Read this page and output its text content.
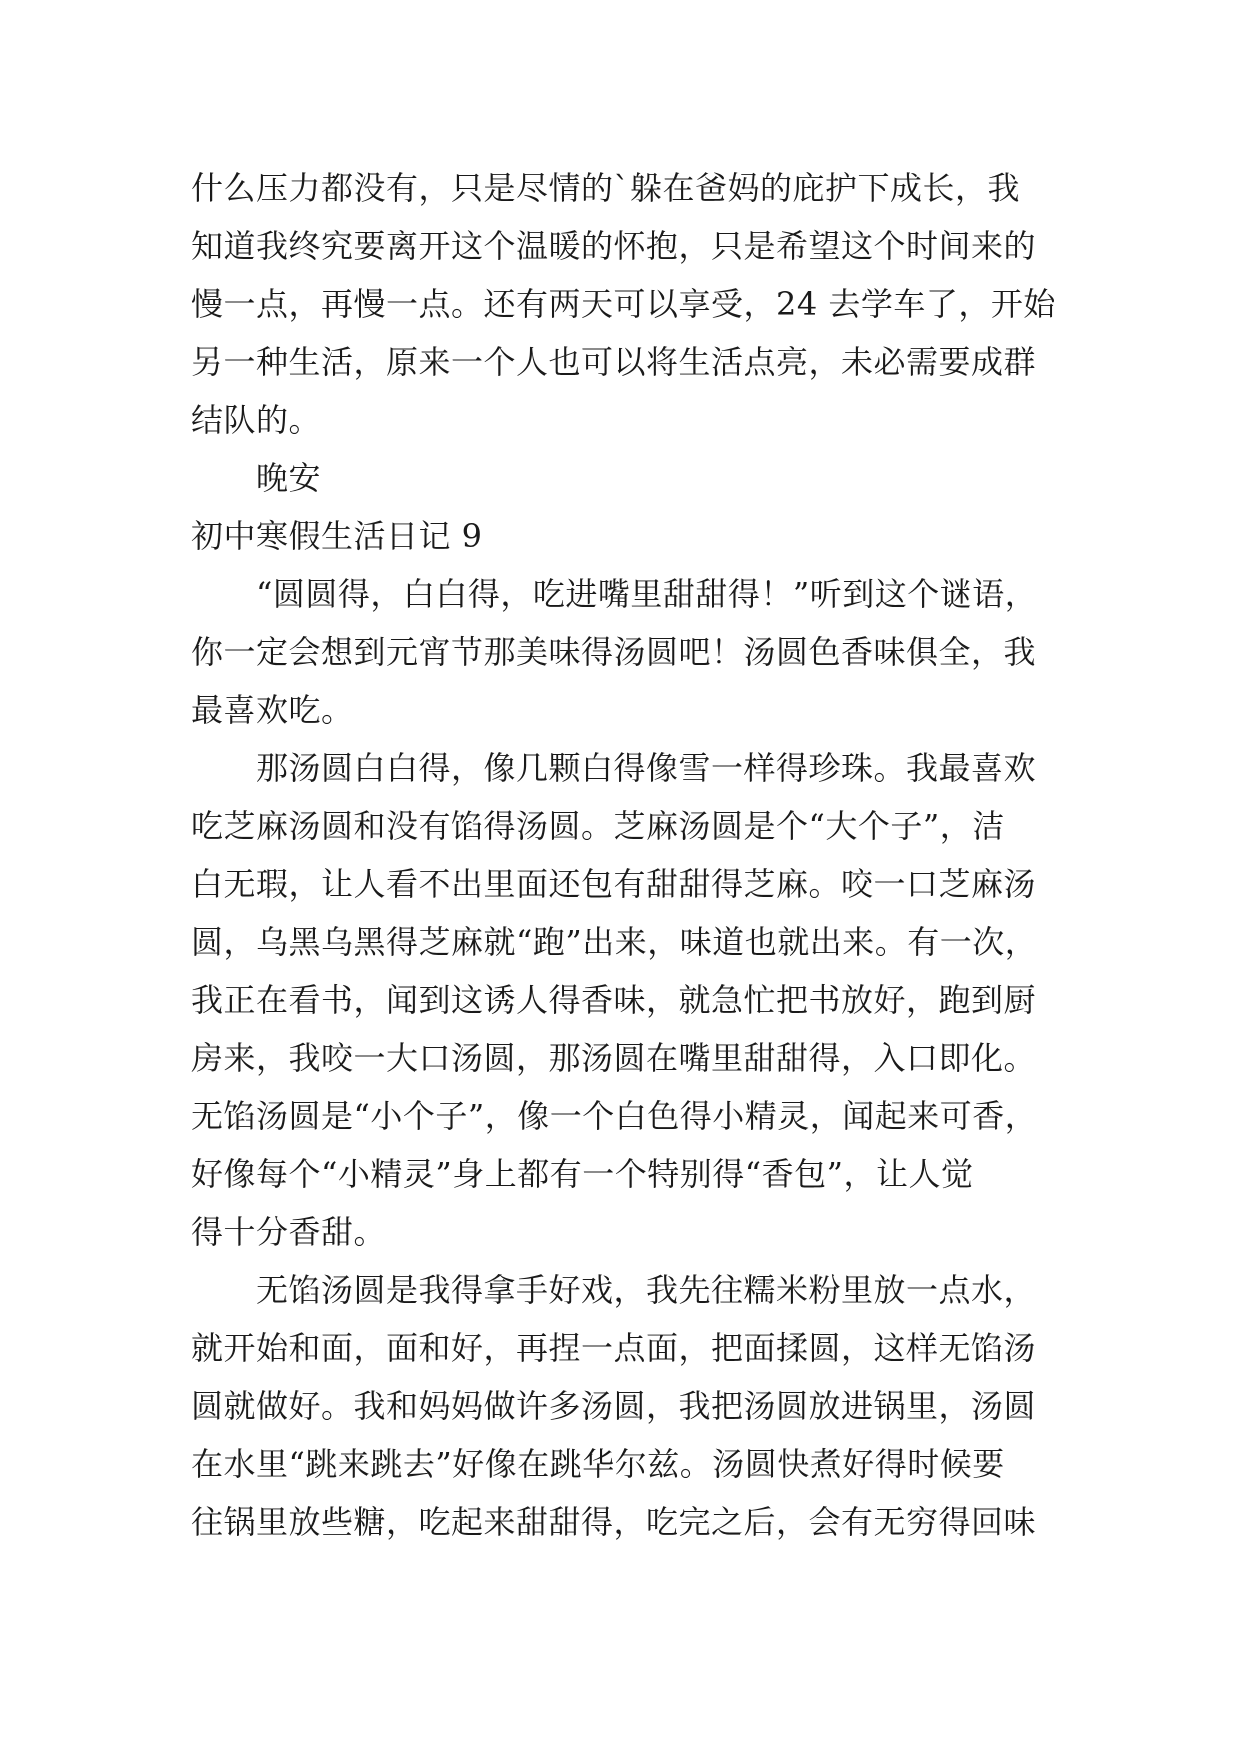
什么压力都没有，只是尽情的`躲在爸妈的庇护下成长，我
知道我终究要离开这个温暖的怀抱，只是希望这个时间来的
慢一点，再慢一点。还有两天可以享受，24 去学车了，开始
另一种生活，原来一个人也可以将生活点亮，未必需要成群
结队的。
晚安
初中寒假生活日记 9
“圆圆得，白白得，吃进嘴里甜甜得！”听到这个谜语，
你一定会想到元宵节那美味得汤圆吧！汤圆色香味俱全，我
最喜欢吃。
那汤圆白白得，像几颗白得像雪一样得珍珠。我最喜欢
吃芝麻汤圆和没有馅得汤圆。芝麻汤圆是个“大个子”，洁
白无瑕，让人看不出里面还包有甜甜得芝麻。咬一口芝麻汤
圆，乌黑乌黑得芝麻就“跑”出来，味道也就出来。有一次，
我正在看书，闻到这诱人得香味，就急忙把书放好，跑到厨
房来，我咬一大口汤圆，那汤圆在嘴里甜甜得，入口即化。
无馅汤圆是“小个子”，像一个白色得小精灵，闻起来可香，
好像每个“小精灵”身上都有一个特别得“香包”，让人觉
得十分香甜。
无馅汤圆是我得拿手好戏，我先往糯米粉里放一点水，
就开始和面，面和好，再捏一点面，把面揉圆，这样无馅汤
圆就做好。我和妈妈做许多汤圆，我把汤圆放进锅里，汤圆
在水里“跳来跳去”好像在跳华尔兹。汤圆快煮好得时候要
往锅里放些糖，吃起来甜甜得，吃完之后，会有无穷得回味
